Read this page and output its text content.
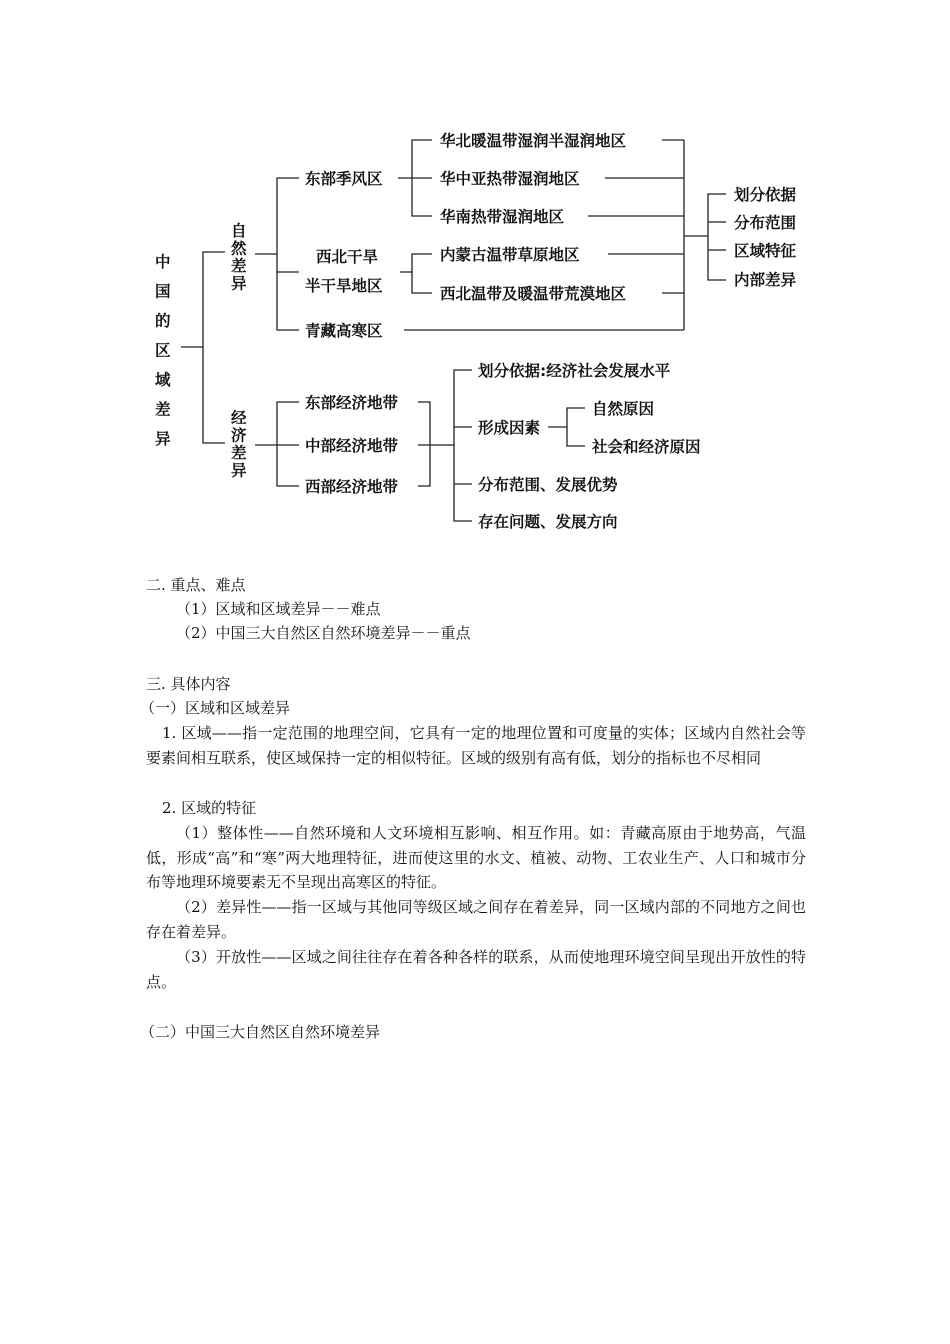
中
国
的
区
域
差
异
自
然
差
异
经
济
差
异
东部季风区
华北暖温带湿润半湿润地区
华中亚热带湿润地区
华南热带湿润地区
西北干旱
半干旱地区
内蒙古温带草原地区
西北温带及暖温带荒漠地区
青藏高寒区
划分依据
分布范围
区域特征
内部差异
东部经济地带
中部经济地带
西部经济地带
划分依据:经济社会发展水平
形成因素
自然原因
社会和经济原因
分布范围、发展优势
存在问题、发展方向
二. 重点、难点
（1）区域和区域差异－－难点
（2）中国三大自然区自然环境差异－－重点
三. 具体内容
（一）区域和区域差异
1. 区域——指一定范围的地理空间，它具有一定的地理位置和可度量的实体；区域内自然社会等要素间相互联系，使区域保持一定的相似特征。区域的级别有高有低，划分的指标也不尽相同
2. 区域的特征
（1）整体性——自然环境和人文环境相互影响、相互作用。如：青藏高原由于地势高，气温低，形成“高”和“寒”两大地理特征，进而使这里的水文、植被、动物、工农业生产、人口和城市分布等地理环境要素无不呈现出高寒区的特征。
（2）差异性——指一区域与其他同等级区域之间存在着差异，同一区域内部的不同地方之间也存在着差异。
（3）开放性——区域之间往往存在着各种各样的联系，从而使地理环境空间呈现出开放性的特点。
（二）中国三大自然区自然环境差异
